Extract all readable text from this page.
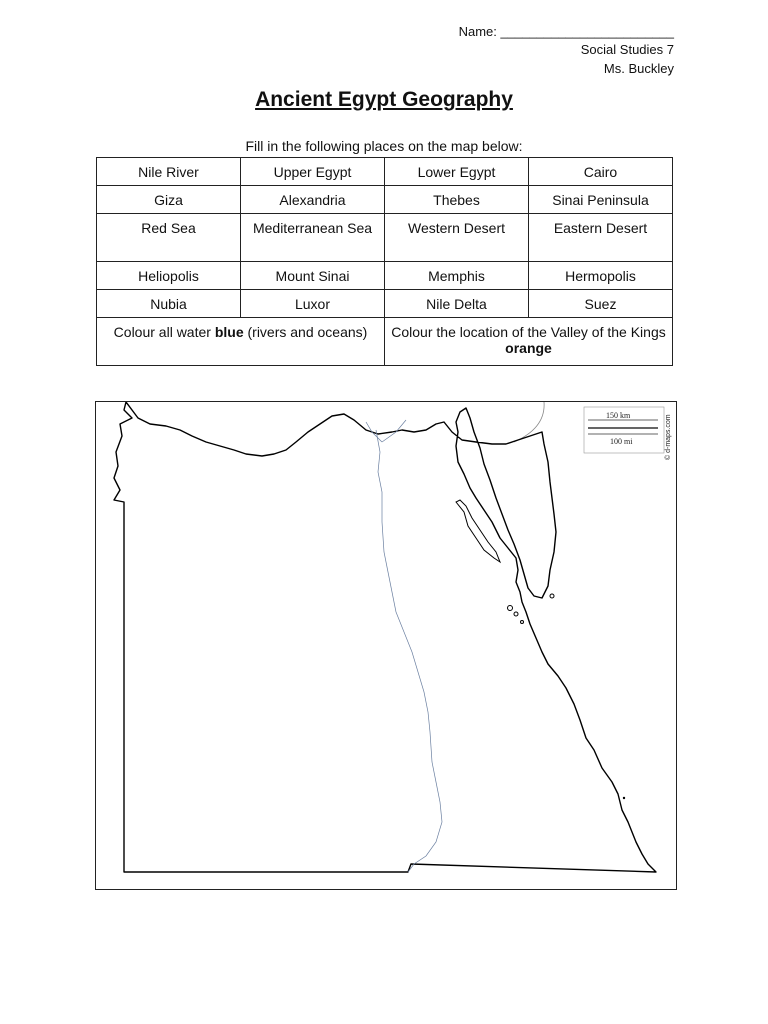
Name: ________________________
Social Studies 7
Ms. Buckley
Ancient Egypt Geography
Fill in the following places on the map below:
Nile River	Upper Egypt	Lower Egypt	Cairo
Giza	Alexandria	Thebes	Sinai Peninsula
Red Sea	Mediterranean Sea	Western Desert	Eastern Desert
Heliopolis	Mount Sinai	Memphis	Hermopolis
Nubia	Luxor	Nile Delta	Suez
Colour all water blue (rivers and oceans)		Colour the location of the Valley of the Kings orange	
150 km
100 mi	© d-maps.com
